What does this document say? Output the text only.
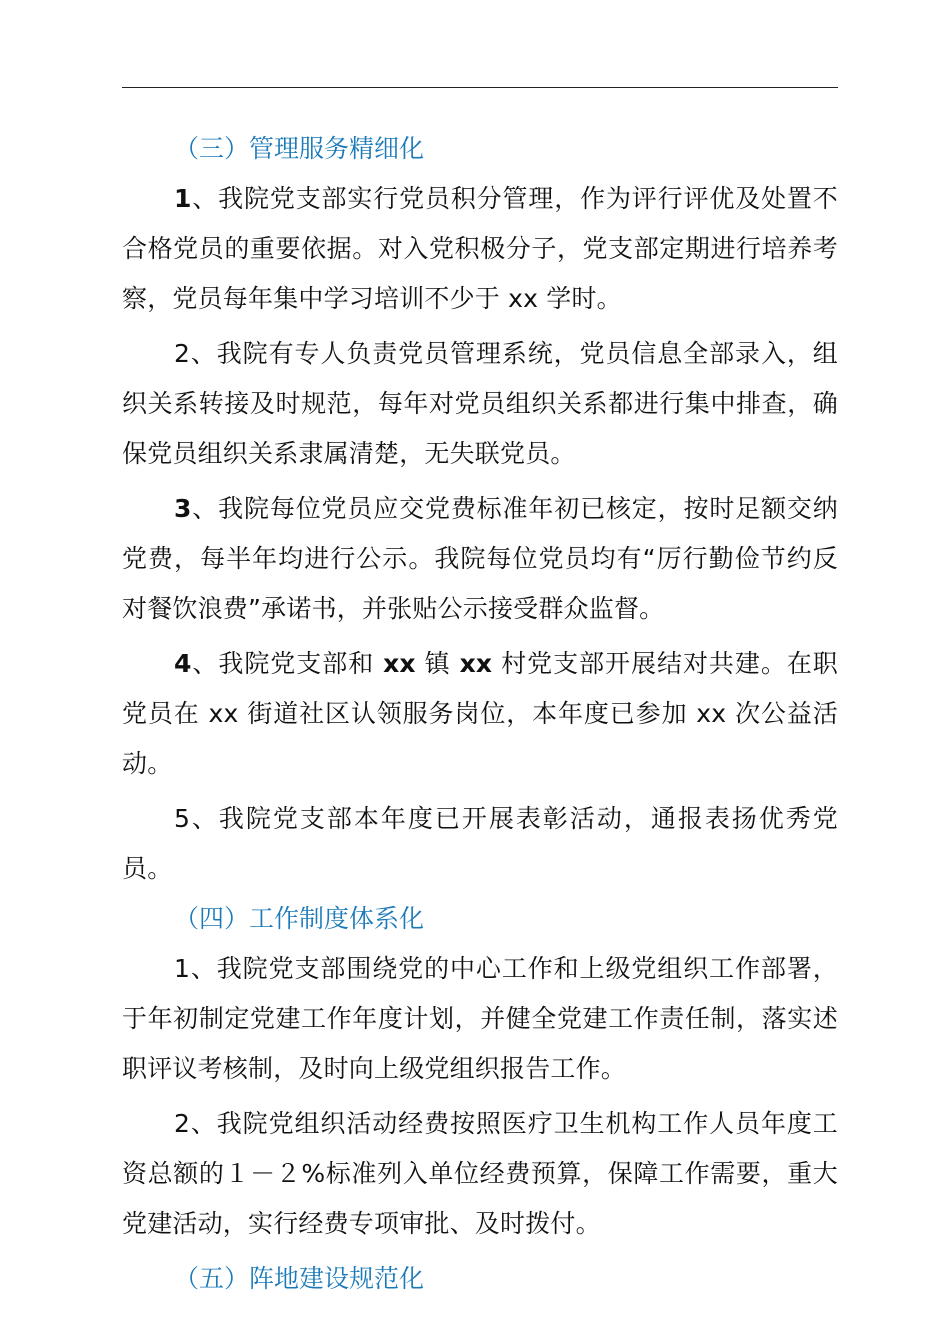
（三）管理服务精细化

1、我院党支部实行党员积分管理，作为评行评优及处置不合格党员的重要依据。对入党积极分子，党支部定期进行培养考察，党员每年集中学习培训不少于 xx 学时。

2、我院有专人负责党员管理系统，党员信息全部录入，组织关系转接及时规范，每年对党员组织关系都进行集中排查，确保党员组织关系隶属清楚，无失联党员。

3、我院每位党员应交党费标准年初已核定，按时足额交纳党费，每半年均进行公示。我院每位党员均有“厉行勤俭节约反对餐饮浪费”承诺书，并张贴公示接受群众监督。

4、我院党支部和 xx 镇 xx 村党支部开展结对共建。在职党员在 xx 街道社区认领服务岗位，本年度已参加 xx 次公益活动。

5、我院党支部本年度已开展表彰活动，通报表扬优秀党员。

（四）工作制度体系化

1、我院党支部围绕党的中心工作和上级党组织工作部署，于年初制定党建工作年度计划，并健全党建工作责任制，落实述职评议考核制，及时向上级党组织报告工作。

2、我院党组织活动经费按照医疗卫生机构工作人员年度工资总额的１－２%标准列入单位经费预算，保障工作需要，重大党建活动，实行经费专项审批、及时拨付。

（五）阵地建设规范化
